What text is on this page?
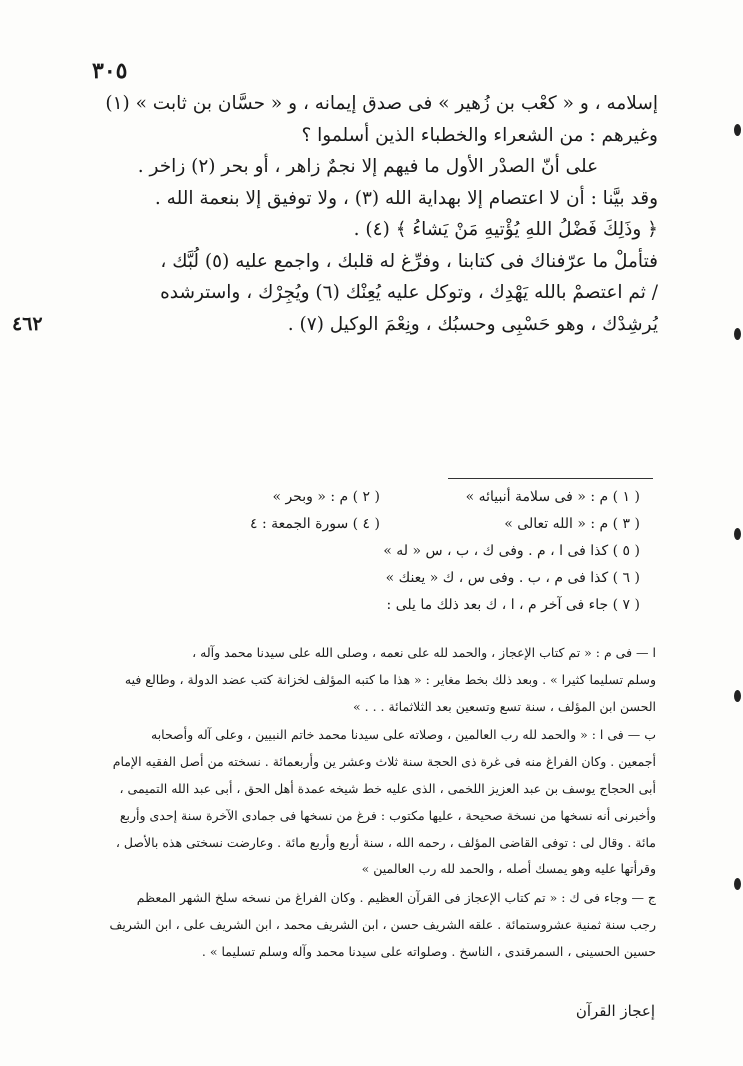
٣٠٥
٤٦٢
إسلامه ، و « كعْب بن زُهير » فى صدق إيمانه ، و « حسَّان بن ثابت » (١)
وغيرهم : من الشعراء والخطباء الذين أسلموا ؟
على أنّ الصدْر الأول ما فيهم إلا نجمٌ زاهر ، أو بحر (٢) زاخر .
وقد بيَّنا : أن لا اعتصام إلا بهداية الله (٣) ، ولا توفيق إلا بنعمة الله .
﴿ وذَلِكَ فَضْلُ اللهِ يُؤْتيهِ مَنْ يَشاءُ ﴾ (٤) .
فتأملْ ما عرّفناك فى كتابنا ، وفرِّغ له قلبك ، واجمع عليه (٥) لُبَّك ،
/ ثم اعتصمْ بالله يَهْدِك ، وتوكل عليه يُعِنْك (٦) ويُجِرْك ، واسترشده
يُرشِدْك ، وهو حَسْبِى وحسبُك ، ونِعْمَ الوكيل (٧) .
( ١ ) م : « فى سلامة أنبيائه »
( ٢ ) م : « وبحر »
( ٣ ) م : « الله تعالى »
( ٤ ) سورة الجمعة : ٤
( ٥ ) كذا فى ا ، م . وفى ك ، ب ، س « له »
( ٦ ) كذا فى م ، ب . وفى س ، ك « يعنك »
( ٧ ) جاء فى آخر م ، ا ، ك بعد ذلك ما يلى :
ا — فى م : « تم كتاب الإعجاز ، والحمد لله على نعمه ، وصلى الله على سيدنا محمد وآله ،
وسلم تسليما كثيرا » . وبعد ذلك بخط مغاير : « هذا ما كتبه المؤلف لخزانة كتب عضد الدولة ، وطالع فيه
الحسن ابن المؤلف ، سنة تسع وتسعين بعد الثلاثمائة . . . »
ب — فى ا : « والحمد لله رب العالمين ، وصلاته على سيدنا محمد خاتم النبيين ، وعلى آله وأصحابه
أجمعين . وكان الفراغ منه فى غرة ذى الحجة سنة ثلاث وعشر ين وأربعمائة . نسخته من أصل الفقيه الإمام
أبى الحجاج يوسف بن عبد العزيز اللخمى ، الذى عليه خط شيخه عمدة أهل الحق ، أبى عبد الله التميمى ،
وأخبرنى أنه نسخها من نسخة صحيحة ، عليها مكتوب : فرغ من نسخها فى جمادى الآخرة سنة إحدى وأربع
مائة . وقال لى : توفى القاضى المؤلف ، رحمه الله ، سنة أربع وأربع مائة . وعارضت نسختى هذه بالأصل ،
وقرأتها عليه وهو يمسك أصله ، والحمد لله رب العالمين »
ج — وجاء فى ك : « تم كتاب الإعجاز فى القرآن العظيم . وكان الفراغ من نسخه سلخ الشهر المعظم
رجب سنة ثمنية عشروستمائة . علقه الشريف حسن ، ابن الشريف محمد ، ابن الشريف على ، ابن الشريف
حسين الحسينى ، السمرقندى ، الناسخ . وصلواته على سيدنا محمد وآله وسلم تسليما » .
إعجاز القرآن
